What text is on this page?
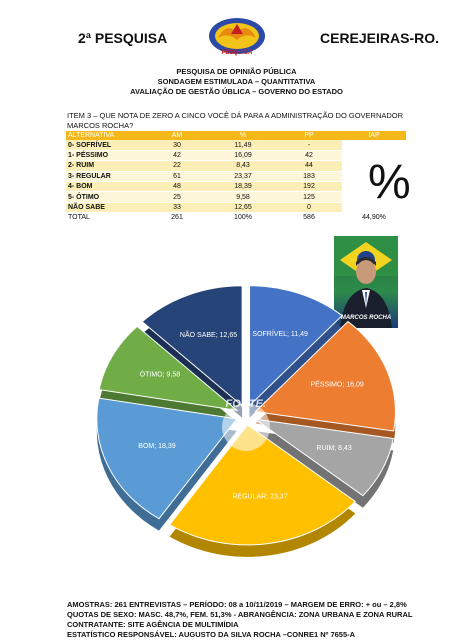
2ª PESQUISA
PESQUISA
CEREJEIRAS-RO.
PESQUISA DE OPINIÃO PÚBLICA
SONDAGEM ESTIMULADA – QUANTITATIVA
AVALIAÇÃO DE GESTÃO ÚBLICA – GOVERNO DO ESTADO
ITEM 3 – QUE NOTA DE ZERO A CINCO VOCÊ DÁ PARA A ADMINISTRAÇÃO DO GOVERNADOR MARCOS ROCHA?
ALTERNATIVA	AM	%	PP	IAP
0- SOFRÍVEL	30	11,49	-	
1- PÉSSIMO	42	16,09	42	
2- RUIM	22	8,43	44	
3- REGULAR	61	23,37	183	
4- BOM	48	18,39	192	
5- ÓTIMO	25	9,58	125	
NÃO SABE	33	12,65	0	
TOTAL	261	100%	586	44,90%
%
MARCOS ROCHA
SOFRÍVEL; 11,49
PÉSSIMO; 16,09
RUIM; 8,43
REGULAR; 23,37
BOM; 18,39
ÓTIMO; 9,58
NÃO SABE; 12,65
FONTE:
AMOSTRAS: 261 ENTREVISTAS – PERÍODO: 08 a 10/11/2019 – MARGEM DE ERRO: + ou – 2,8%
QUOTAS DE SEXO: MASC. 48,7%, FEM. 51,3% - ABRANGÊNCIA: ZONA URBANA E ZONA RURAL
CONTRATANTE: SITE AGÊNCIA DE MULTIMÍDIA
ESTATÍSTICO RESPONSÁVEL: AUGUSTO DA SILVA ROCHA –CONRE1 Nº 7655-A
